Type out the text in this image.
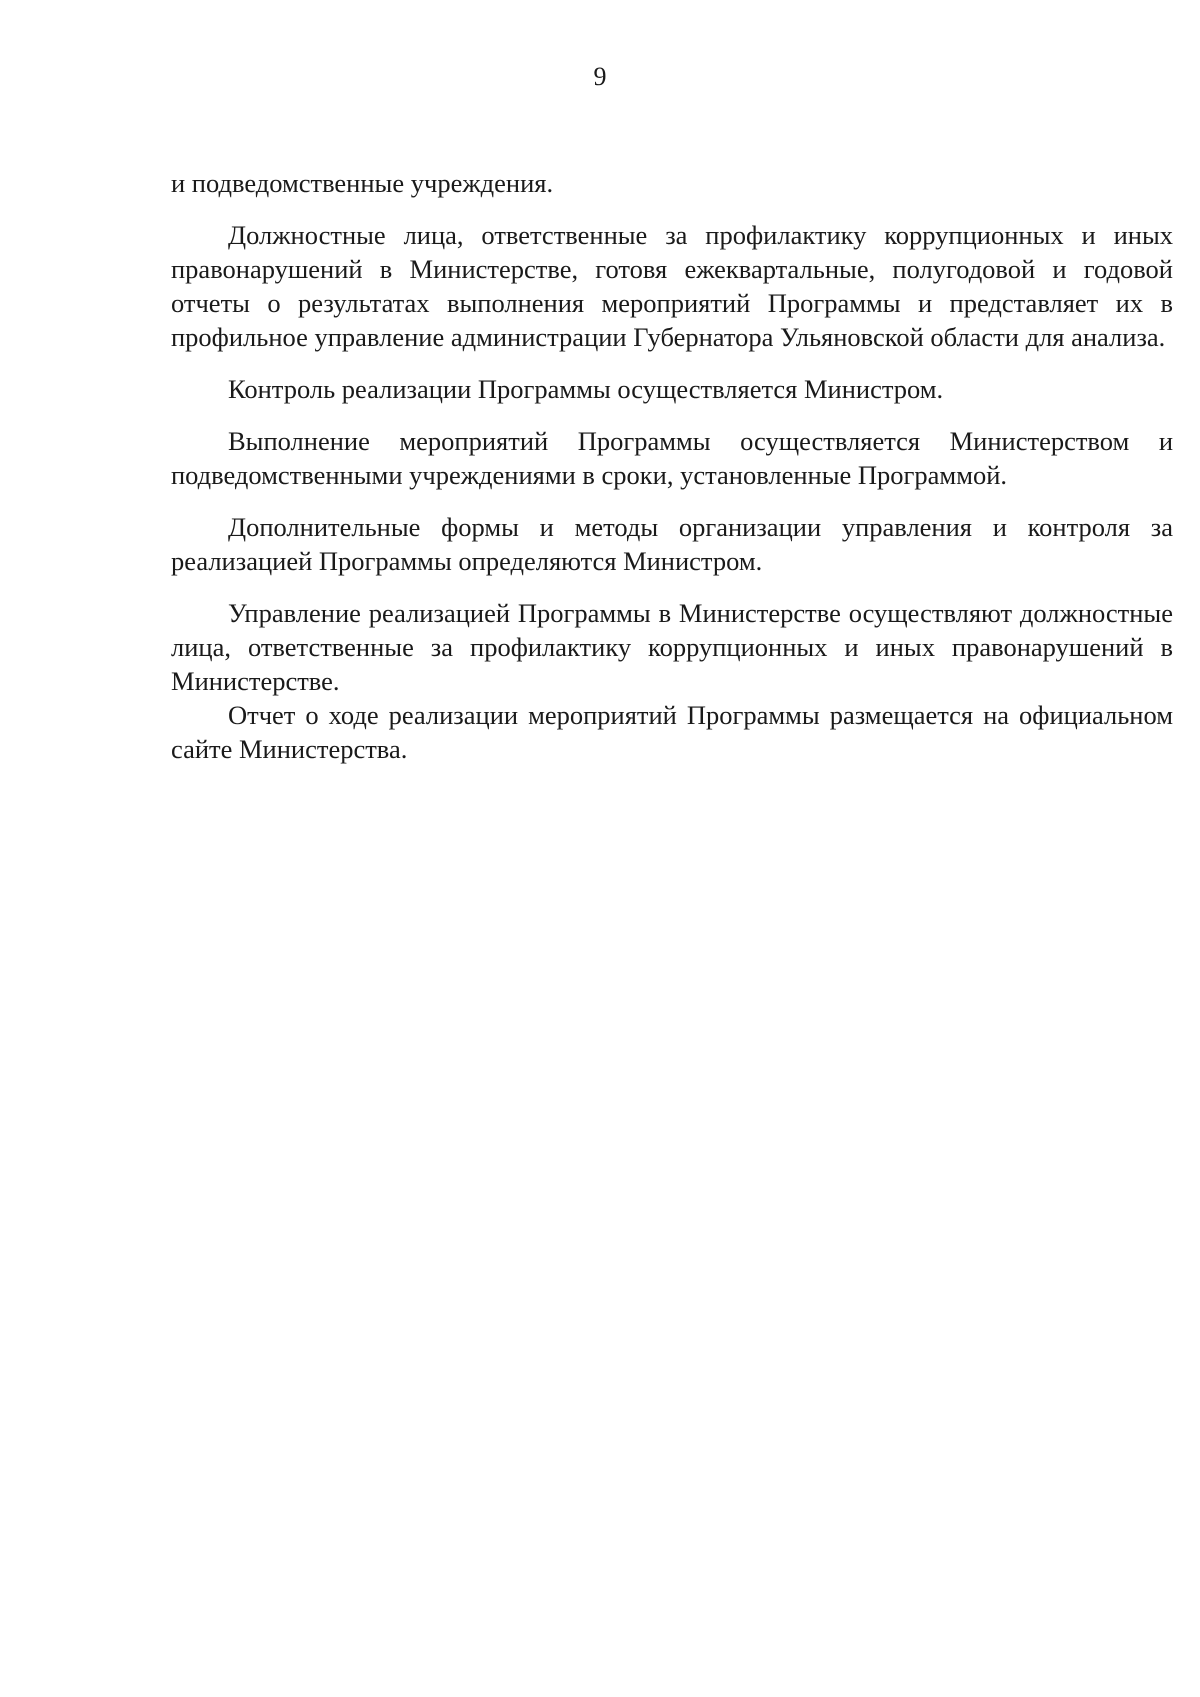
9

и подведомственные учреждения.

Должностные лица, ответственные за профилактику коррупционных и иных правонарушений в Министерстве, готовя ежеквартальные, полугодовой и годовой отчеты о результатах выполнения мероприятий Программы и представляет их в профильное управление администрации Губернатора Ульяновской области для анализа.

Контроль реализации Программы осуществляется Министром.

Выполнение мероприятий Программы осуществляется Министерством и подведомственными учреждениями в сроки, установленные Программой.

Дополнительные формы и методы организации управления и контроля за реализацией Программы определяются Министром.

Управление реализацией Программы в Министерстве осуществляют должностные лица, ответственные за профилактику коррупционных и иных правонарушений в Министерстве.

Отчет о ходе реализации мероприятий Программы размещается на официальном сайте Министерства.
